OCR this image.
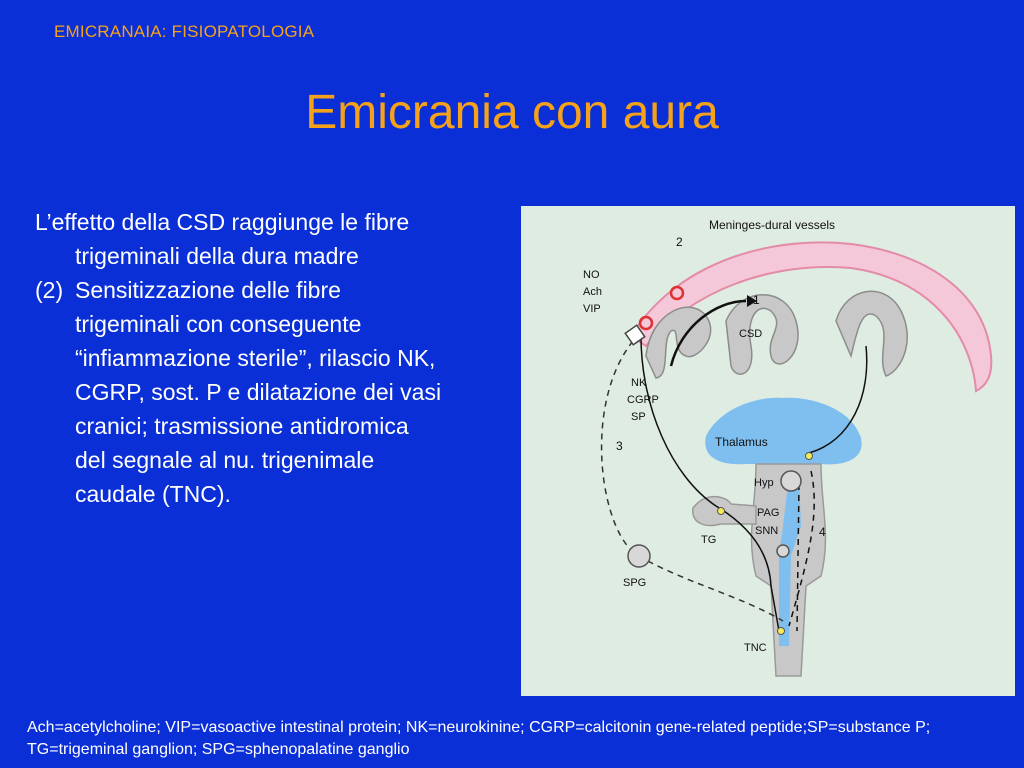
EMICRANAIA: FISIOPATOLOGIA
Emicrania con aura
L’effetto della CSD raggiunge le fibre trigeminali della dura madre
(2) Sensitizzazione delle fibre trigeminali con conseguente “infiammazione sterile”, rilascio NK, CGRP, sost. P e dilatazione dei vasi cranici; trasmissione antidromica del segnale al nu. trigenimale caudale (TNC).
Meninges-dural vessels
NO
Ach
VIP
1
2
3
4
CSD
NK
CGRP
SP
Thalamus
Hyp
PAG
SNN
TG
SPG
TNC
Ach=acetylcholine; VIP=vasoactive intestinal protein; NK=neurokinine; CGRP=calcitonin gene-related peptide;SP=substance P; TG=trigeminal ganglion; SPG=sphenopalatine ganglio
